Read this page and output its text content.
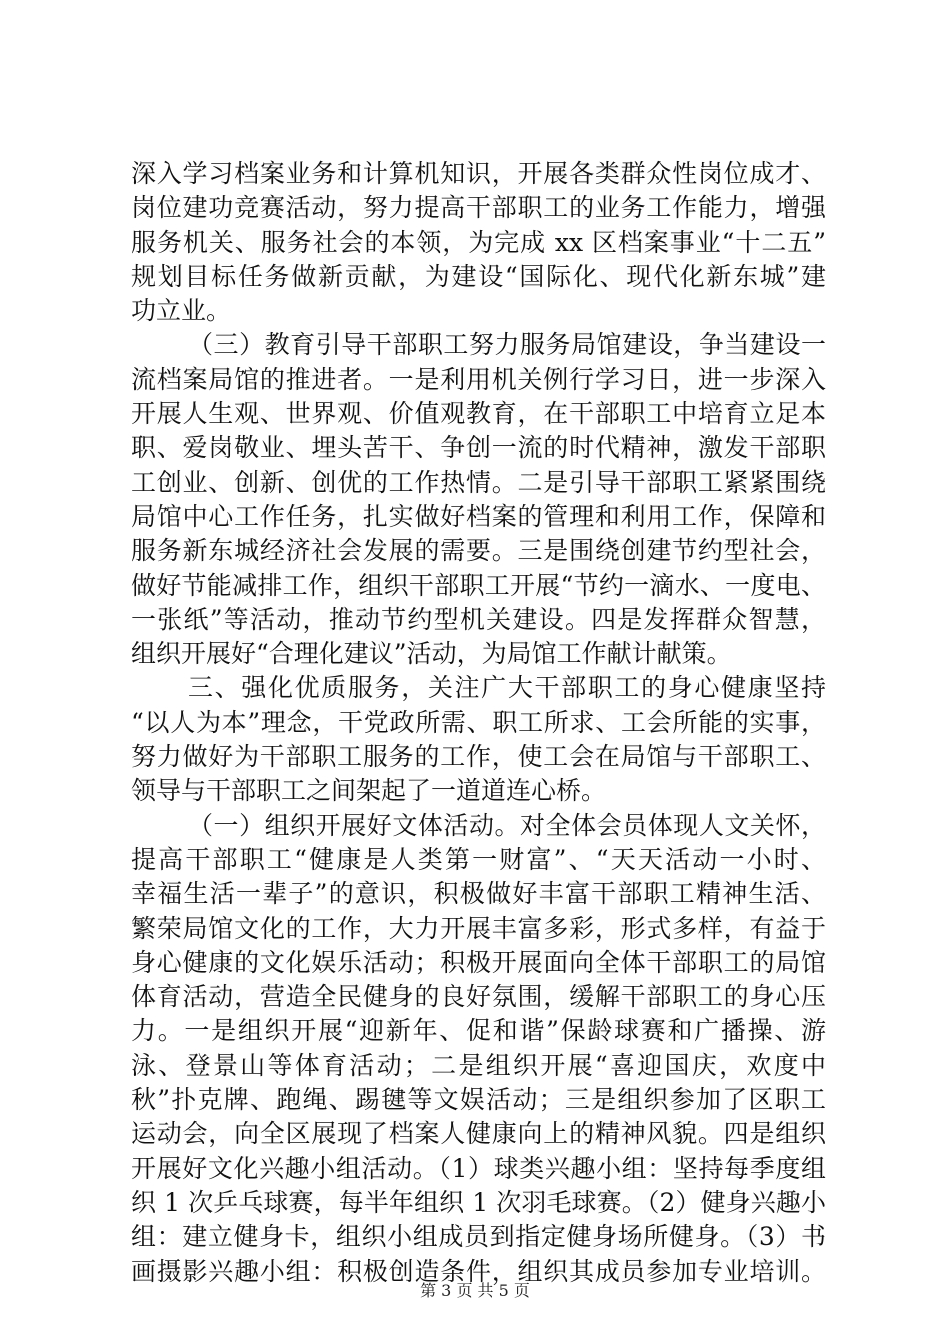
深入学习档案业务和计算机知识，开展各类群众性岗位成才、
岗位建功竞赛活动，努力提高干部职工的业务工作能力，增强
服务机关、服务社会的本领，为完成 xx 区档案事业“十二五”
规划目标任务做新贡献，为建设“国际化、现代化新东城”建
功立业。
（三）教育引导干部职工努力服务局馆建设，争当建设一
流档案局馆的推进者。一是利用机关例行学习日，进一步深入
开展人生观、世界观、价值观教育，在干部职工中培育立足本
职、爱岗敬业、埋头苦干、争创一流的时代精神，激发干部职
工创业、创新、创优的工作热情。二是引导干部职工紧紧围绕
局馆中心工作任务，扎实做好档案的管理和利用工作，保障和
服务新东城经济社会发展的需要。三是围绕创建节约型社会，
做好节能减排工作，组织干部职工开展“节约一滴水、一度电、
一张纸”等活动，推动节约型机关建设。四是发挥群众智慧，
组织开展好“合理化建议”活动，为局馆工作献计献策。
三、强化优质服务，关注广大干部职工的身心健康坚持
“以人为本”理念，干党政所需、职工所求、工会所能的实事，
努力做好为干部职工服务的工作，使工会在局馆与干部职工、
领导与干部职工之间架起了一道道连心桥。
（一）组织开展好文体活动。对全体会员体现人文关怀，
提高干部职工“健康是人类第一财富”、“天天活动一小时、
幸福生活一辈子”的意识，积极做好丰富干部职工精神生活、
繁荣局馆文化的工作，大力开展丰富多彩，形式多样，有益于
身心健康的文化娱乐活动；积极开展面向全体干部职工的局馆
体育活动，营造全民健身的良好氛围，缓解干部职工的身心压
力。一是组织开展“迎新年、促和谐”保龄球赛和广播操、游
泳、登景山等体育活动；二是组织开展“喜迎国庆，欢度中
秋”扑克牌、跑绳、踢毽等文娱活动；三是组织参加了区职工
运动会，向全区展现了档案人健康向上的精神风貌。四是组织
开展好文化兴趣小组活动。（1）球类兴趣小组：坚持每季度组
织 1 次乒乓球赛，每半年组织 1 次羽毛球赛。（2）健身兴趣小
组：建立健身卡，组织小组成员到指定健身场所健身。（3）书
画摄影兴趣小组：积极创造条件，组织其成员参加专业培训。
第 3 页 共 5 页
